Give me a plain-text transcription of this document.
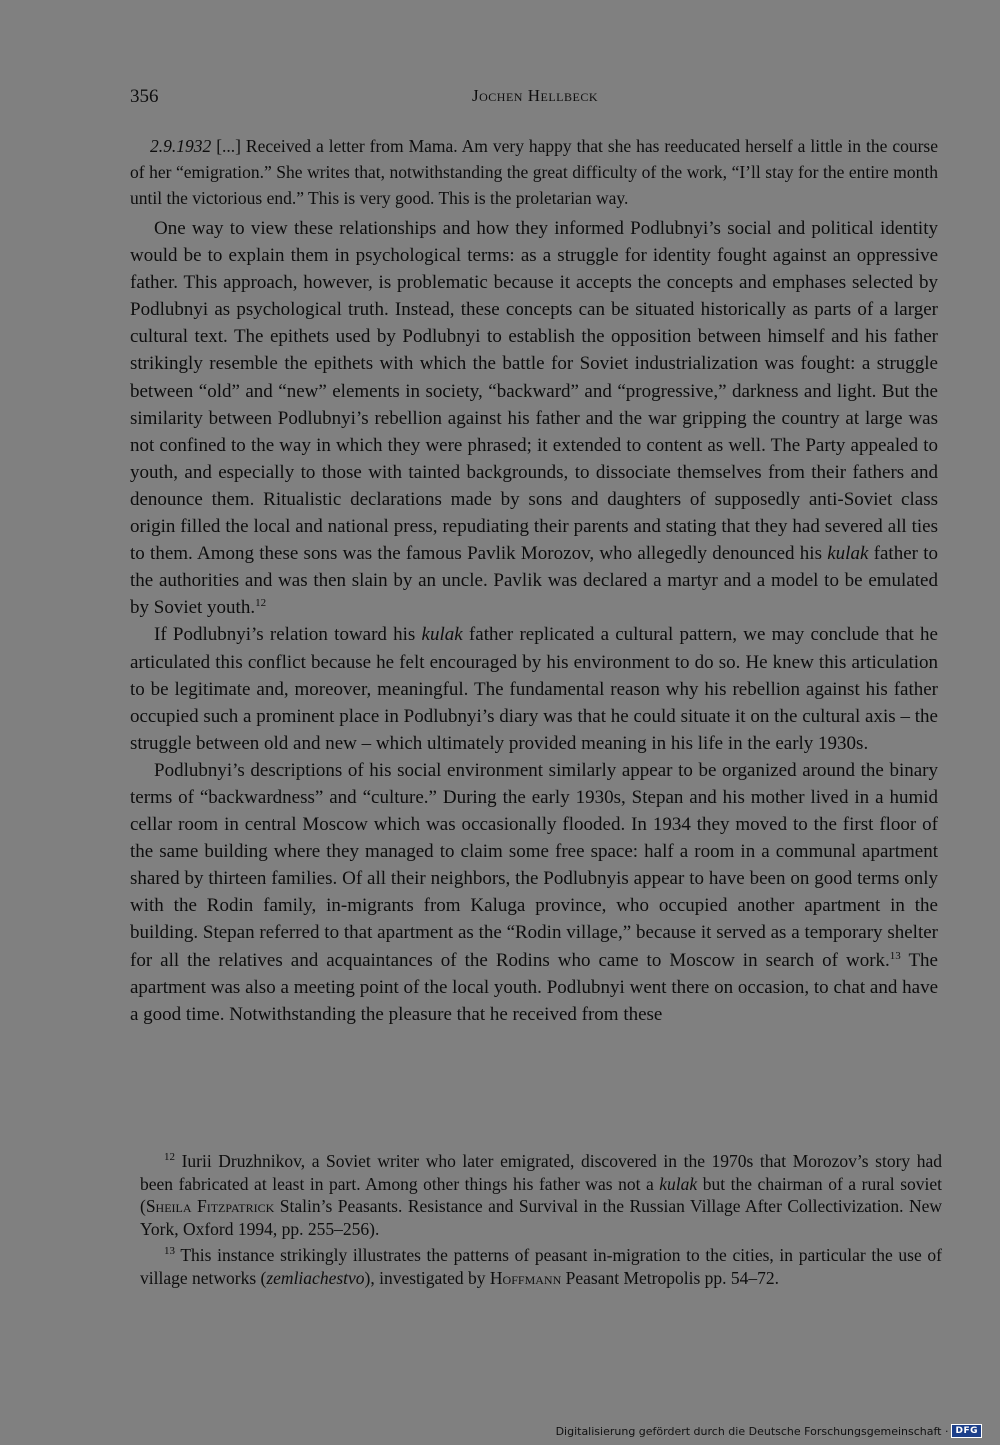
356	Jochen Hellbeck

2.9.1932 [...] Received a letter from Mama. Am very happy that she has reeducated herself a little in the course of her “emigration.” She writes that, notwithstanding the great difficulty of the work, “I’ll stay for the entire month until the victorious end.” This is very good. This is the proletarian way.

One way to view these relationships and how they informed Podlubnyi’s social and political identity would be to explain them in psychological terms: as a struggle for identity fought against an oppressive father. This approach, however, is problematic because it accepts the concepts and emphases selected by Podlubnyi as psychological truth. Instead, these concepts can be situated historically as parts of a larger cultural text. The epithets used by Podlubnyi to establish the opposition between himself and his father strikingly resemble the epithets with which the battle for Soviet industrialization was fought: a struggle between “old” and “new” elements in society, “backward” and “progressive,” darkness and light. But the similarity between Podlubnyi’s rebellion against his father and the war gripping the country at large was not confined to the way in which they were phrased; it extended to content as well. The Party appealed to youth, and especially to those with tainted backgrounds, to dissociate themselves from their fathers and denounce them. Ritualistic declarations made by sons and daughters of supposedly anti-Soviet class origin filled the local and national press, repudiating their parents and stating that they had severed all ties to them. Among these sons was the famous Pavlik Morozov, who allegedly denounced his kulak father to the authorities and was then slain by an uncle. Pavlik was declared a martyr and a model to be emulated by Soviet youth.$^{12}$

If Podlubnyi’s relation toward his kulak father replicated a cultural pattern, we may conclude that he articulated this conflict because he felt encouraged by his environment to do so. He knew this articulation to be legitimate and, moreover, meaningful. The fundamental reason why his rebellion against his father occupied such a prominent place in Podlubnyi’s diary was that he could situate it on the cultural axis – the struggle between old and new – which ultimately provided meaning in his life in the early 1930s.

Podlubnyi’s descriptions of his social environment similarly appear to be organized around the binary terms of “backwardness” and “culture.” During the early 1930s, Stepan and his mother lived in a humid cellar room in central Moscow which was occasionally flooded. In 1934 they moved to the first floor of the same building where they managed to claim some free space: half a room in a communal apartment shared by thirteen families. Of all their neighbors, the Podlubnyis appear to have been on good terms only with the Rodin family, in-migrants from Kaluga province, who occupied another apartment in the building. Stepan referred to that apartment as the “Rodin village,” because it served as a temporary shelter for all the relatives and acquaintances of the Rodins who came to Moscow in search of work.$^{13}$ The apartment was also a meeting point of the local youth. Podlubnyi went there on occasion, to chat and have a good time. Notwithstanding the pleasure that he received from these

$^{12}$ Iurii Druzhnikov, a Soviet writer who later emigrated, discovered in the 1970s that Morozov’s story had been fabricated at least in part. Among other things his father was not a kulak but the chairman of a rural soviet (Sheila Fitzpatrick Stalin’s Peasants. Resistance and Survival in the Russian Village After Collectivization. New York, Oxford 1994, pp. 255–256).

$^{13}$ This instance strikingly illustrates the patterns of peasant in-migration to the cities, in particular the use of village networks (zemliachestvo), investigated by Hoffmann Peasant Metropolis pp. 54–72.

Digitalisierung gefördert durch die Deutsche Forschungsgemeinschaft · DFG
